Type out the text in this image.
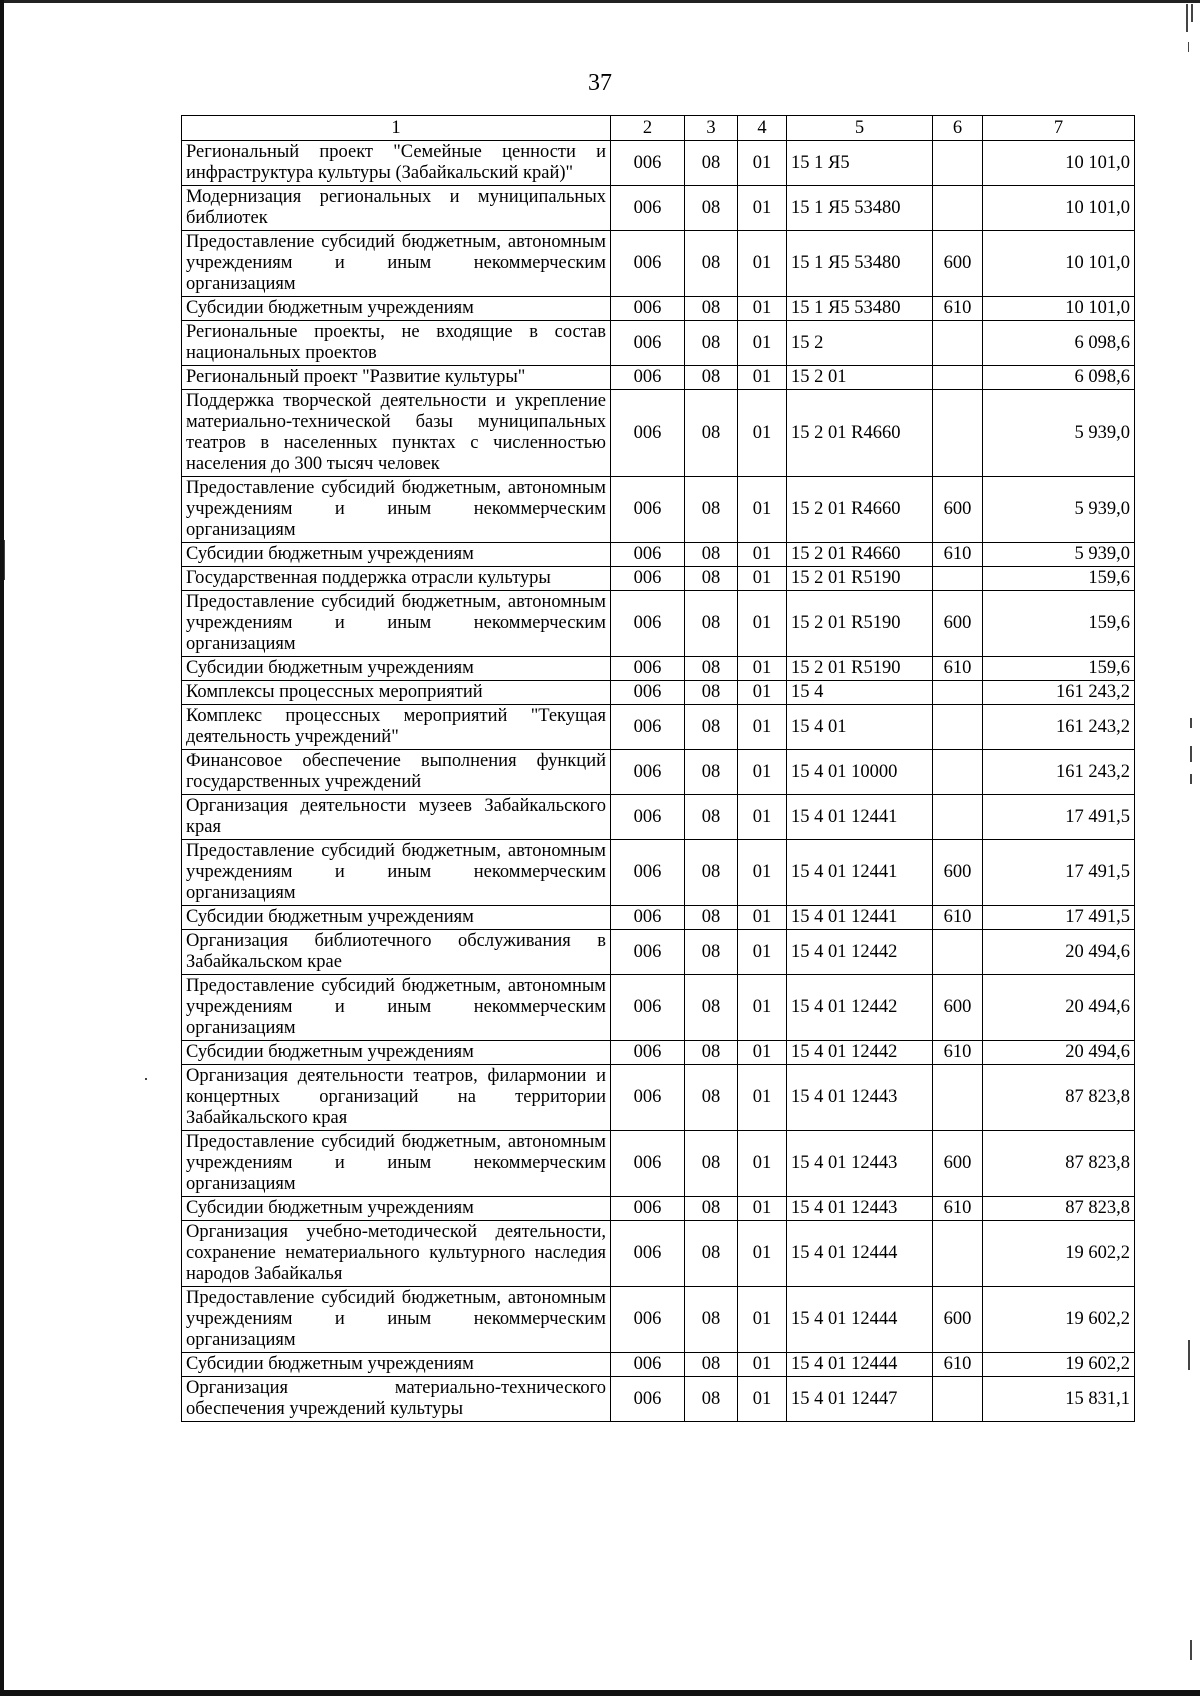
37
1	2	3	4	5	6	7
Региональный проект "Семейные ценности и инфраструктура культуры (Забайкальский край)"	006	08	01	15 1 Я5		10 101,0
Модернизация региональных и муниципальных библиотек	006	08	01	15 1 Я5 53480		10 101,0
Предоставление субсидий бюджетным, автономным учреждениям и иным некоммерческим организациям	006	08	01	15 1 Я5 53480	600	10 101,0
Субсидии бюджетным учреждениям	006	08	01	15 1 Я5 53480	610	10 101,0
Региональные проекты, не входящие в состав национальных проектов	006	08	01	15 2		6 098,6
Региональный проект "Развитие культуры"	006	08	01	15 2 01		6 098,6
Поддержка творческой деятельности и укрепление материально-технической базы муниципальных театров в населенных пунктах с численностью населения до 300 тысяч человек	006	08	01	15 2 01 R4660		5 939,0
Предоставление субсидий бюджетным, автономным учреждениям и иным некоммерческим организациям	006	08	01	15 2 01 R4660	600	5 939,0
Субсидии бюджетным учреждениям	006	08	01	15 2 01 R4660	610	5 939,0
Государственная поддержка отрасли культуры	006	08	01	15 2 01 R5190		159,6
Предоставление субсидий бюджетным, автономным учреждениям и иным некоммерческим организациям	006	08	01	15 2 01 R5190	600	159,6
Субсидии бюджетным учреждениям	006	08	01	15 2 01 R5190	610	159,6
Комплексы процессных мероприятий	006	08	01	15 4		161 243,2
Комплекс процессных мероприятий "Текущая деятельность учреждений"	006	08	01	15 4 01		161 243,2
Финансовое обеспечение выполнения функций государственных учреждений	006	08	01	15 4 01 10000		161 243,2
Организация деятельности музеев Забайкальского края	006	08	01	15 4 01 12441		17 491,5
Предоставление субсидий бюджетным, автономным учреждениям и иным некоммерческим организациям	006	08	01	15 4 01 12441	600	17 491,5
Субсидии бюджетным учреждениям	006	08	01	15 4 01 12441	610	17 491,5
Организация библиотечного обслуживания в Забайкальском крае	006	08	01	15 4 01 12442		20 494,6
Предоставление субсидий бюджетным, автономным учреждениям и иным некоммерческим организациям	006	08	01	15 4 01 12442	600	20 494,6
Субсидии бюджетным учреждениям	006	08	01	15 4 01 12442	610	20 494,6
Организация деятельности театров, филармонии и концертных организаций на территории Забайкальского края	006	08	01	15 4 01 12443		87 823,8
Предоставление субсидий бюджетным, автономным учреждениям и иным некоммерческим организациям	006	08	01	15 4 01 12443	600	87 823,8
Субсидии бюджетным учреждениям	006	08	01	15 4 01 12443	610	87 823,8
Организация учебно-методической деятельности, сохранение нематериального культурного наследия народов Забайкалья	006	08	01	15 4 01 12444		19 602,2
Предоставление субсидий бюджетным, автономным учреждениям и иным некоммерческим организациям	006	08	01	15 4 01 12444	600	19 602,2
Субсидии бюджетным учреждениям	006	08	01	15 4 01 12444	610	19 602,2
Организация материально-технического обеспечения учреждений культуры	006	08	01	15 4 01 12447		15 831,1
